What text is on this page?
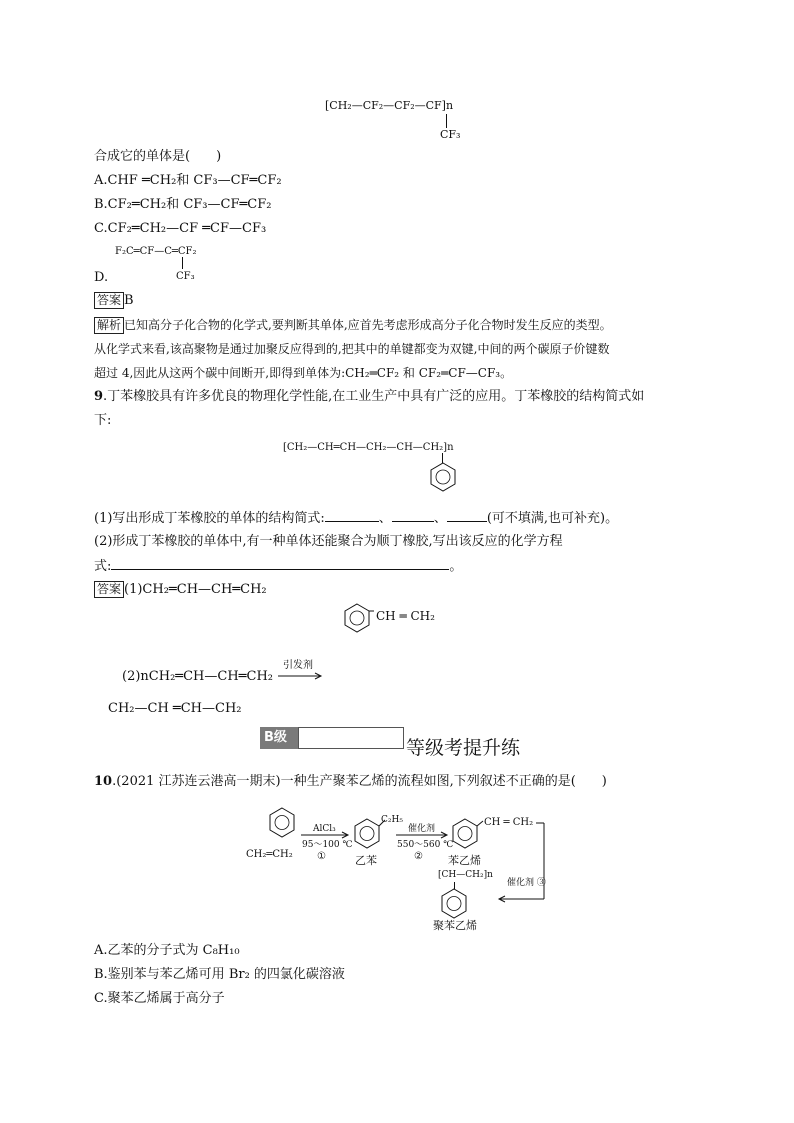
[CH₂—CF₂—CF₂—CF]n
CF₃
合成它的单体是(　　)
A.CHF ═CH₂和 CF₃—CF═CF₂
B.CF₂═CH₂和 CF₃—CF═CF₂
C.CF₂═CH₂—CF ═CF—CF₃
F₂C═CF—C═CF₂
CF₃
D.
答案 B
解析 已知高分子化合物的化学式,要判断其单体,应首先考虑形成高分子化合物时发生反应的类型。
从化学式来看,该高聚物是通过加聚反应得到的,把其中的单键都变为双键,中间的两个碳原子价键数
超过 4,因此从这两个碳中间断开,即得到单体为:CH₂═CF₂ 和 CF₂═CF—CF₃。
9.丁苯橡胶具有许多优良的物理化学性能,在工业生产中具有广泛的应用。丁苯橡胶的结构简式如
下:
[CH₂—CH═CH—CH₂—CH—CH₂]n
(1)写出形成丁苯橡胶的单体的结构简式:	、	、	(可不填满,也可补充)。
(2)形成丁苯橡胶的单体中,有一种单体还能聚合为顺丁橡胶,写出该反应的化学方程
式:	。
答案 (1)CH₂═CH—CH═CH₂
CH ═ CH₂
(2)nCH₂═CH—CH═CH₂
引发剂
CH₂—CH ═CH—CH₂
B级	等级考提升练
10.(2021 江苏连云港高一期末)一种生产聚苯乙烯的流程如图,下列叙述不正确的是(　　)
CH₂═CH₂
AlCl₃
95～100 ℃
①
C₂H₅
乙苯
催化剂
550～560 ℃
②
CH ═ CH₂
苯乙烯
催化剂 ③
[CH—CH₂]n
聚苯乙烯
A.乙苯的分子式为 C₈H₁₀
B.鉴别苯与苯乙烯可用 Br₂ 的四氯化碳溶液
C.聚苯乙烯属于高分子
